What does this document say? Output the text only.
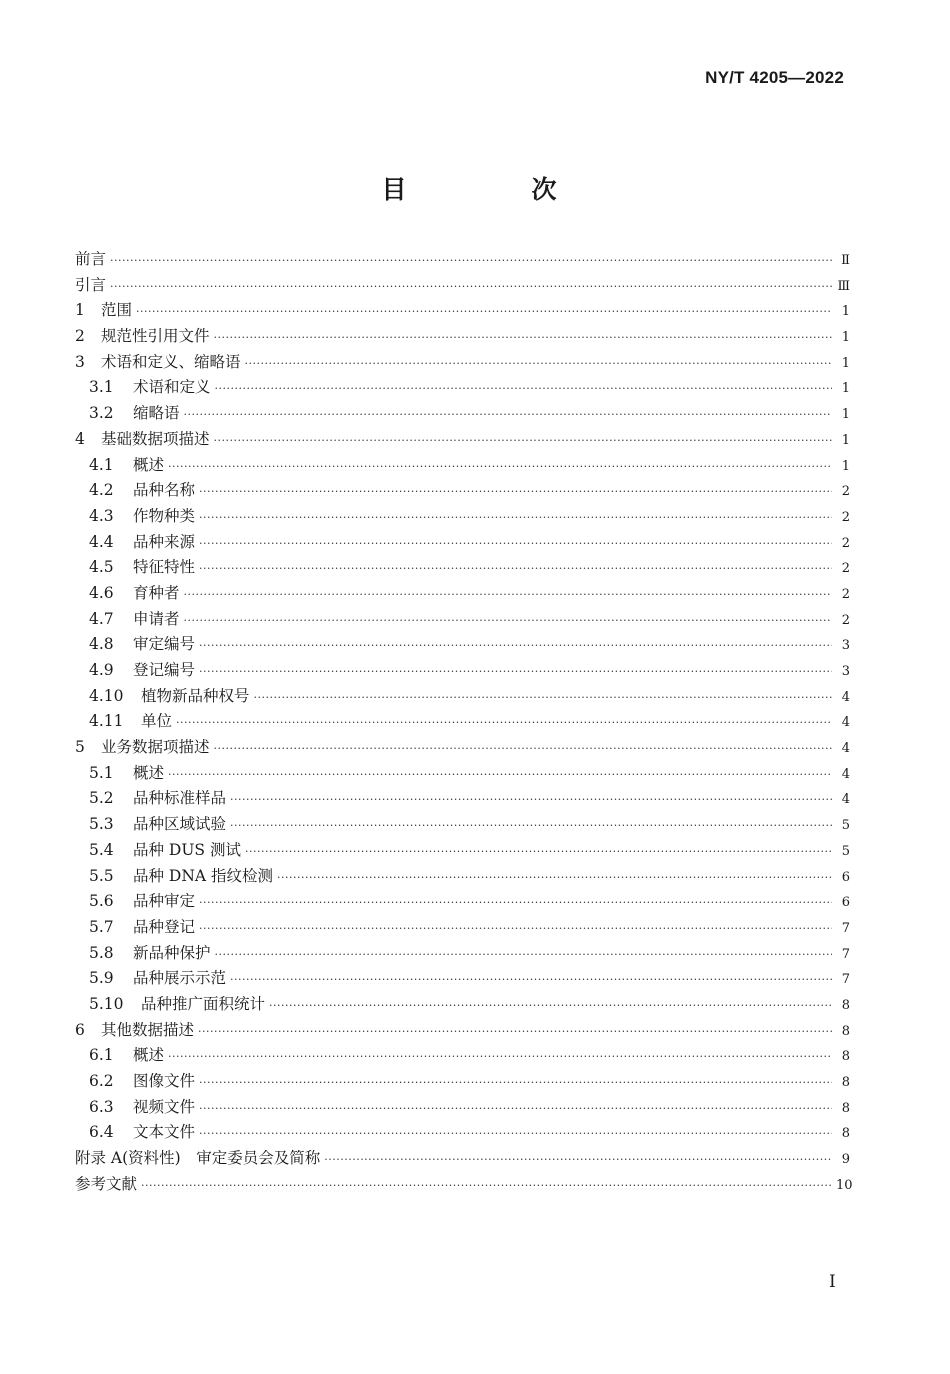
NY/T 4205—2022
目　次
前言 ·····	Ⅱ
引言 ·····	Ⅲ
1	范围 ·····	1
2	规范性引用文件 ·····	1
3	术语和定义、缩略语 ·····	1
3.1	术语和定义 ·····	1
3.2	缩略语 ·····	1
4	基础数据项描述 ·····	1
4.1	概述 ·····	1
4.2	品种名称 ·····	2
4.3	作物种类 ·····	2
4.4	品种来源 ·····	2
4.5	特征特性 ·····	2
4.6	育种者 ·····	2
4.7	申请者 ·····	2
4.8	审定编号 ·····	3
4.9	登记编号 ·····	3
4.10	植物新品种权号 ·····	4
4.11	单位 ·····	4
5	业务数据项描述 ·····	4
5.1	概述 ·····	4
5.2	品种标准样品 ·····	4
5.3	品种区域试验 ·····	5
5.4	品种 DUS 测试 ·····	5
5.5	品种 DNA 指纹检测 ·····	6
5.6	品种审定 ·····	6
5.7	品种登记 ·····	7
5.8	新品种保护 ·····	7
5.9	品种展示示范 ·····	7
5.10	品种推广面积统计 ·····	8
6	其他数据描述 ·····	8
6.1	概述 ·····	8
6.2	图像文件 ·····	8
6.3	视频文件 ·····	8
6.4	文本文件 ·····	8
附录 A(资料性)　审定委员会及简称 ·····	9
参考文献 ·····	10
Ⅰ
